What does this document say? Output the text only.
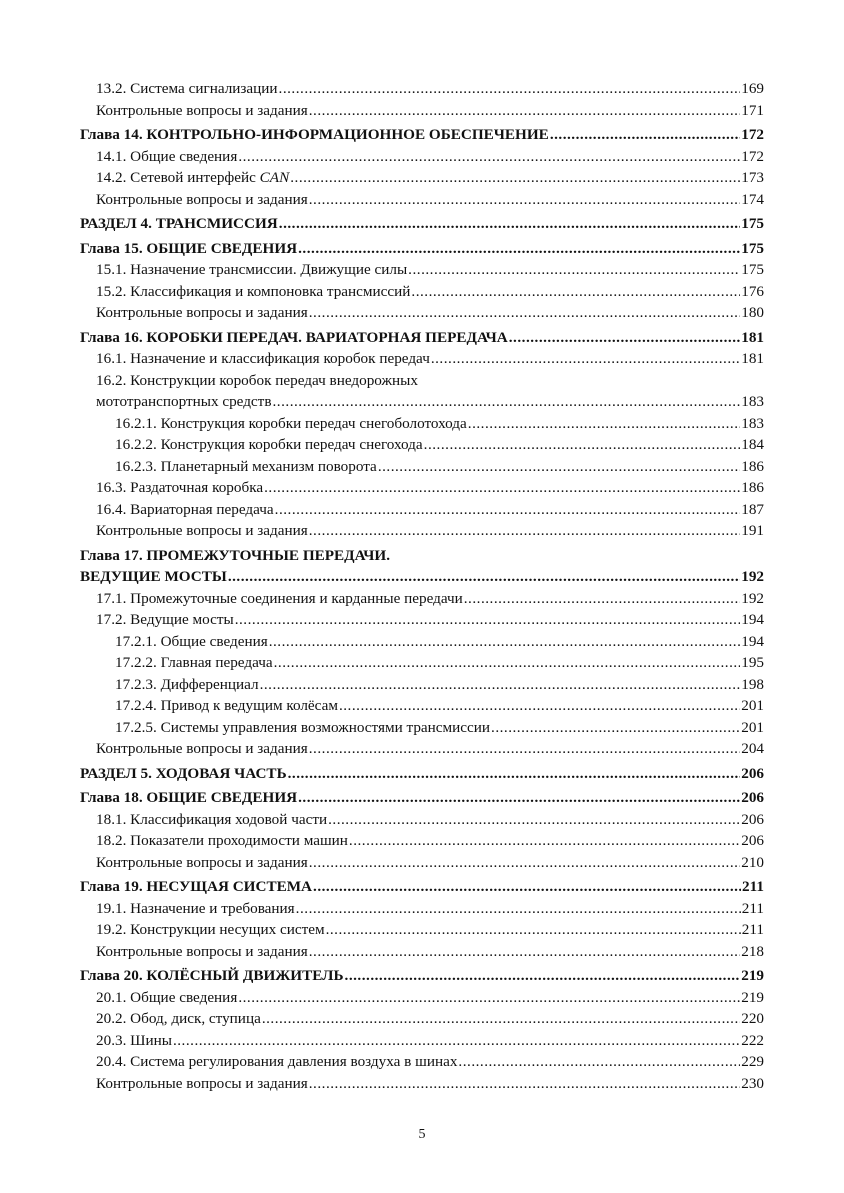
13.2. Система сигнализации .....	169
Контрольные вопросы и задания .....	171
Глава 14. КОНТРОЛЬНО-ИНФОРМАЦИОННОЕ ОБЕСПЕЧЕНИЕ .....	172
14.1. Общие сведения .....	172
14.2. Сетевой интерфейс CAN .....	173
Контрольные вопросы и задания .....	174
РАЗДЕЛ 4. ТРАНСМИССИЯ .....	175
Глава 15. ОБЩИЕ СВЕДЕНИЯ .....	175
15.1. Назначение трансмиссии. Движущие силы .....	175
15.2. Классификация и компоновка трансмиссий .....	176
Контрольные вопросы и задания .....	180
Глава 16. КОРОБКИ ПЕРЕДАЧ. ВАРИАТОРНАЯ ПЕРЕДАЧА .....	181
16.1. Назначение и классификация коробок передач .....	181
16.2. Конструкции коробок передач внедорожных
мототранспортных средств .....	183
16.2.1. Конструкция коробки передач снегоболотохода .....	183
16.2.2. Конструкция коробки передач снегохода .....	184
16.2.3. Планетарный механизм поворота .....	186
16.3. Раздаточная коробка .....	186
16.4. Вариаторная передача .....	187
Контрольные вопросы и задания .....	191
Глава 17. ПРОМЕЖУТОЧНЫЕ ПЕРЕДАЧИ.
ВЕДУЩИЕ МОСТЫ .....	192
17.1. Промежуточные соединения и карданные передачи .....	192
17.2. Ведущие мосты .....	194
17.2.1. Общие сведения .....	194
17.2.2. Главная передача .....	195
17.2.3. Дифференциал .....	198
17.2.4. Привод к ведущим колёсам .....	201
17.2.5. Системы управления возможностями трансмиссии .....	201
Контрольные вопросы и задания .....	204
РАЗДЕЛ 5. ХОДОВАЯ ЧАСТЬ .....	206
Глава 18. ОБЩИЕ СВЕДЕНИЯ .....	206
18.1. Классификация ходовой части .....	206
18.2. Показатели проходимости машин .....	206
Контрольные вопросы и задания .....	210
Глава 19. НЕСУЩАЯ СИСТЕМА .....	211
19.1. Назначение и требования .....	211
19.2. Конструкции несущих систем .....	211
Контрольные вопросы и задания .....	218
Глава 20. КОЛЁСНЫЙ ДВИЖИТЕЛЬ .....	219
20.1. Общие сведения .....	219
20.2. Обод, диск, ступица .....	220
20.3. Шины .....	222
20.4. Система регулирования давления воздуха в шинах .....	229
Контрольные вопросы и задания .....	230
5
